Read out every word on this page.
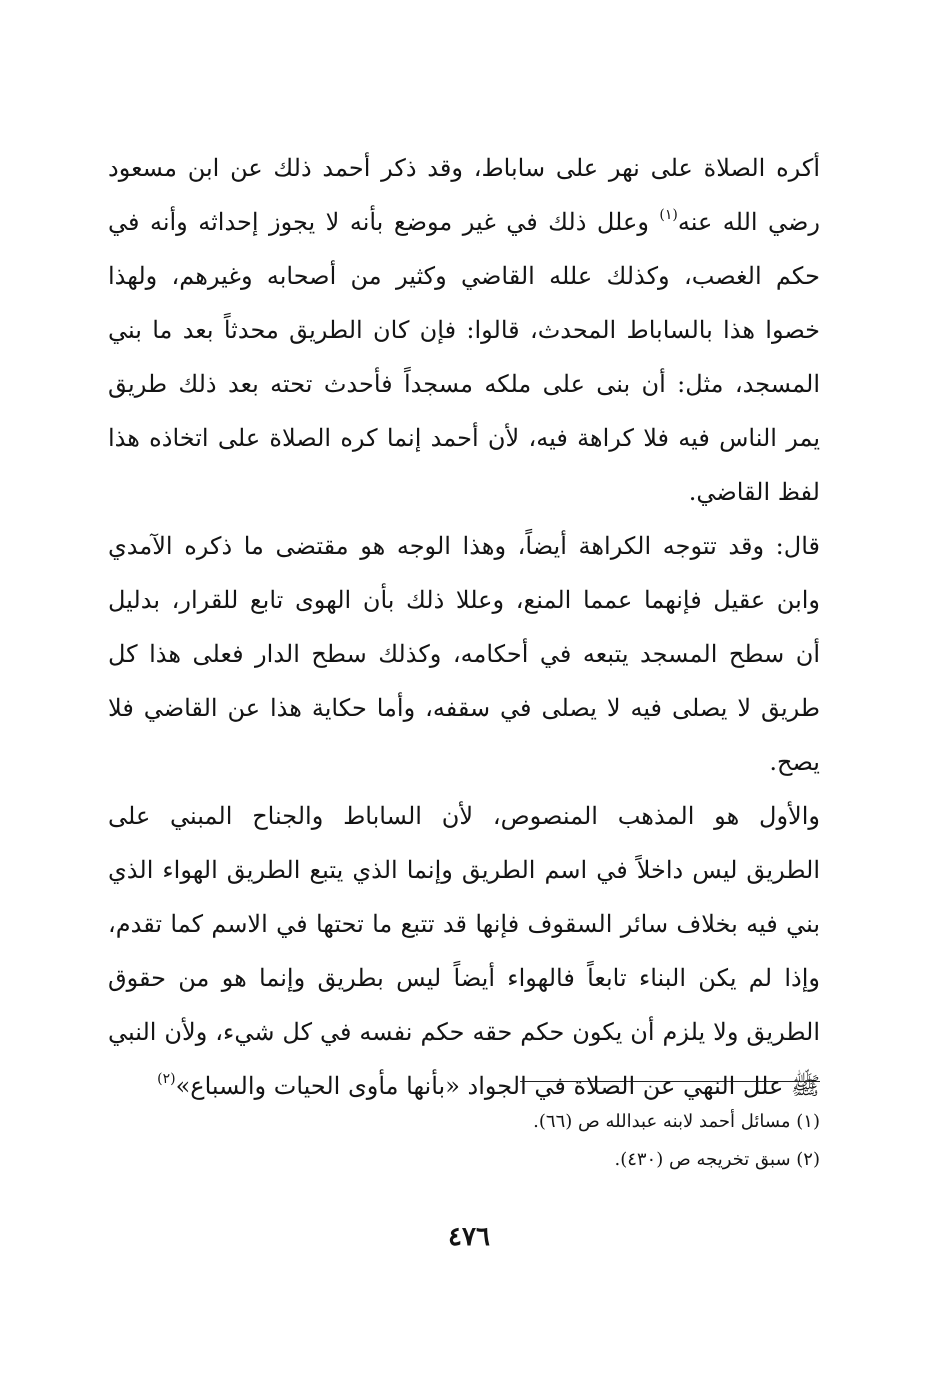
أكره الصلاة على نهر على ساباط، وقد ذكر أحمد ذلك عن ابن مسعود
رضي الله عنه$^{(١)}$ وعلل ذلك في غير موضع بأنه لا يجوز إحداثه وأنه في
حكم الغصب، وكذلك علله القاضي وكثير من أصحابه وغيرهم، ولهذا
خصوا هذا بالساباط المحدث، قالوا: فإن كان الطريق محدثاً بعد ما بني
المسجد، مثل: أن بنى على ملكه مسجداً فأحدث تحته بعد ذلك طريق
يمر الناس فيه فلا كراهة فيه، لأن أحمد إنما كره الصلاة على اتخاذه هذا
لفظ القاضي.
قال: وقد تتوجه الكراهة أيضاً، وهذا الوجه هو مقتضى ما ذكره الآمدي
وابن عقيل فإنهما عمما المنع، وعللا ذلك بأن الهوى تابع للقرار، بدليل
أن سطح المسجد يتبعه في أحكامه، وكذلك سطح الدار فعلى هذا كل
طريق لا يصلى فيه لا يصلى في سقفه، وأما حكاية هذا عن القاضي فلا
يصح.
والأول هو المذهب المنصوص، لأن الساباط والجناح المبني على
الطريق ليس داخلاً في اسم الطريق وإنما الذي يتبع الطريق الهواء الذي
بني فيه بخلاف سائر السقوف فإنها قد تتبع ما تحتها في الاسم كما تقدم،
وإذا لم يكن البناء تابعاً فالهواء أيضاً ليس بطريق وإنما هو من حقوق
الطريق ولا يلزم أن يكون حكم حقه حكم نفسه في كل شيء، ولأن النبي
ﷺ علل النهي عن الصلاة في الجواد «بأنها مأوى الحيات والسباع»$^{(٢)}$
(١) مسائل أحمد لابنه عبدالله ص (٦٦).
(٢) سبق تخريجه ص (٤٣٠).
٤٧٦
